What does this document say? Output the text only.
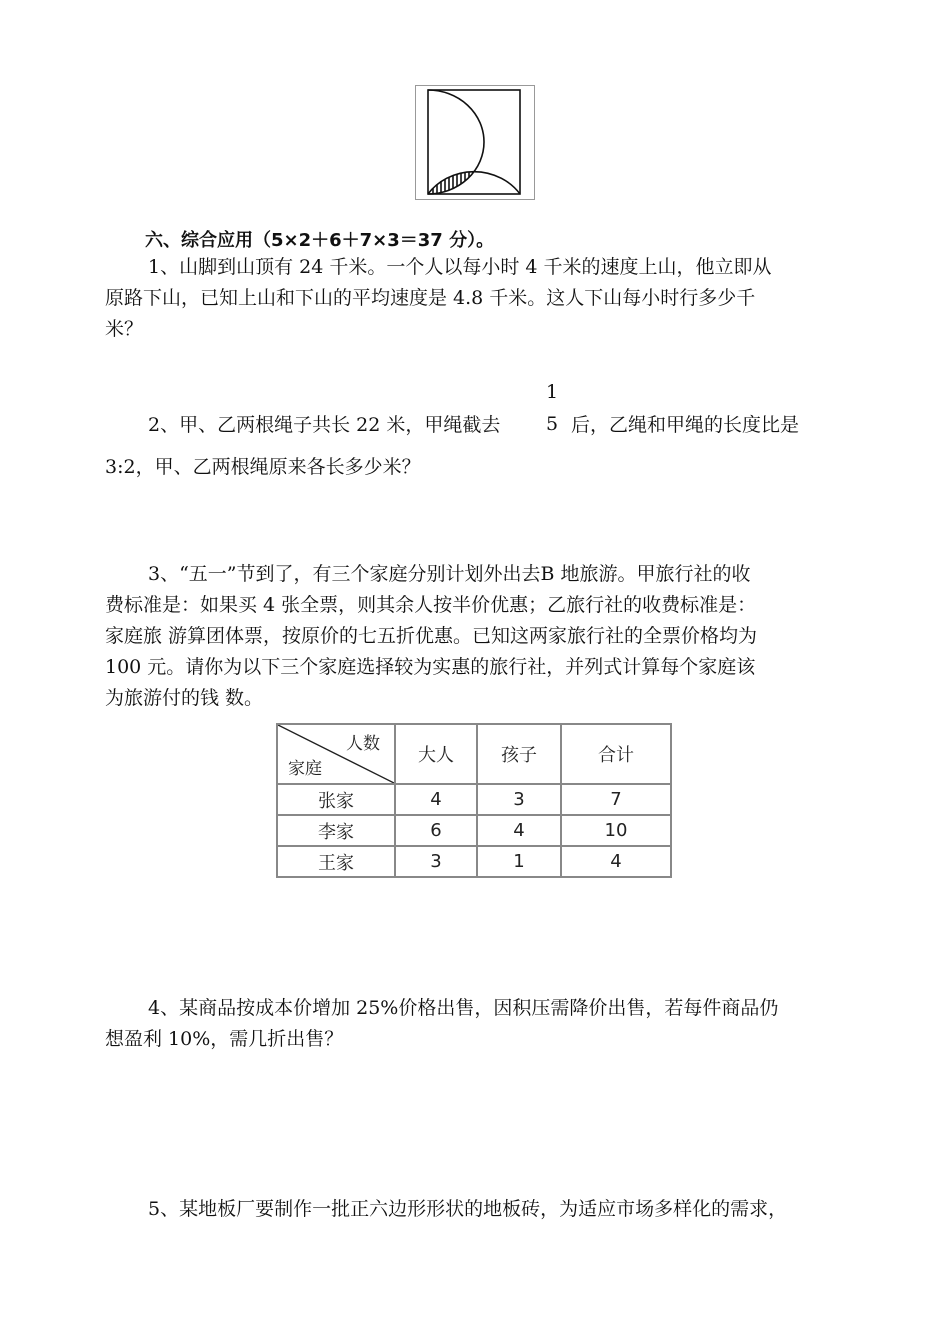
六、综合应用（5×2＋6＋7×3＝37 分）。
1、山脚到山顶有 24 千米。一个人以每小时 4 千米的速度上山，他立即从
原路下山，已知上山和下山的平均速度是 4.8 千米。这人下山每小时行多少千
米？
2、甲、乙两根绳子共长 22 米，甲绳截去
1
5 后，乙绳和甲绳的长度比是
3:2，甲、乙两根绳原来各长多少米？
3、“五一”节到了，有三个家庭分别计划外出去B 地旅游。甲旅行社的收
费标准是：如果买 4 张全票，则其余人按半价优惠；乙旅行社的收费标准是：
家庭旅 游算团体票，按原价的七五折优惠。已知这两家旅行社的全票价格均为
100 元。请你为以下三个家庭选择较为实惠的旅行社，并列式计算每个家庭该
为旅游付的钱 数。
人数
家庭	大人	孩子	合计
张家	4	3	7
李家	6	4	10
王家	3	1	4
4、某商品按成本价增加 25%价格出售，因积压需降价出售，若每件商品仍
想盈利 10%，需几折出售？
5、某地板厂要制作一批正六边形形状的地板砖，为适应市场多样化的需求，
